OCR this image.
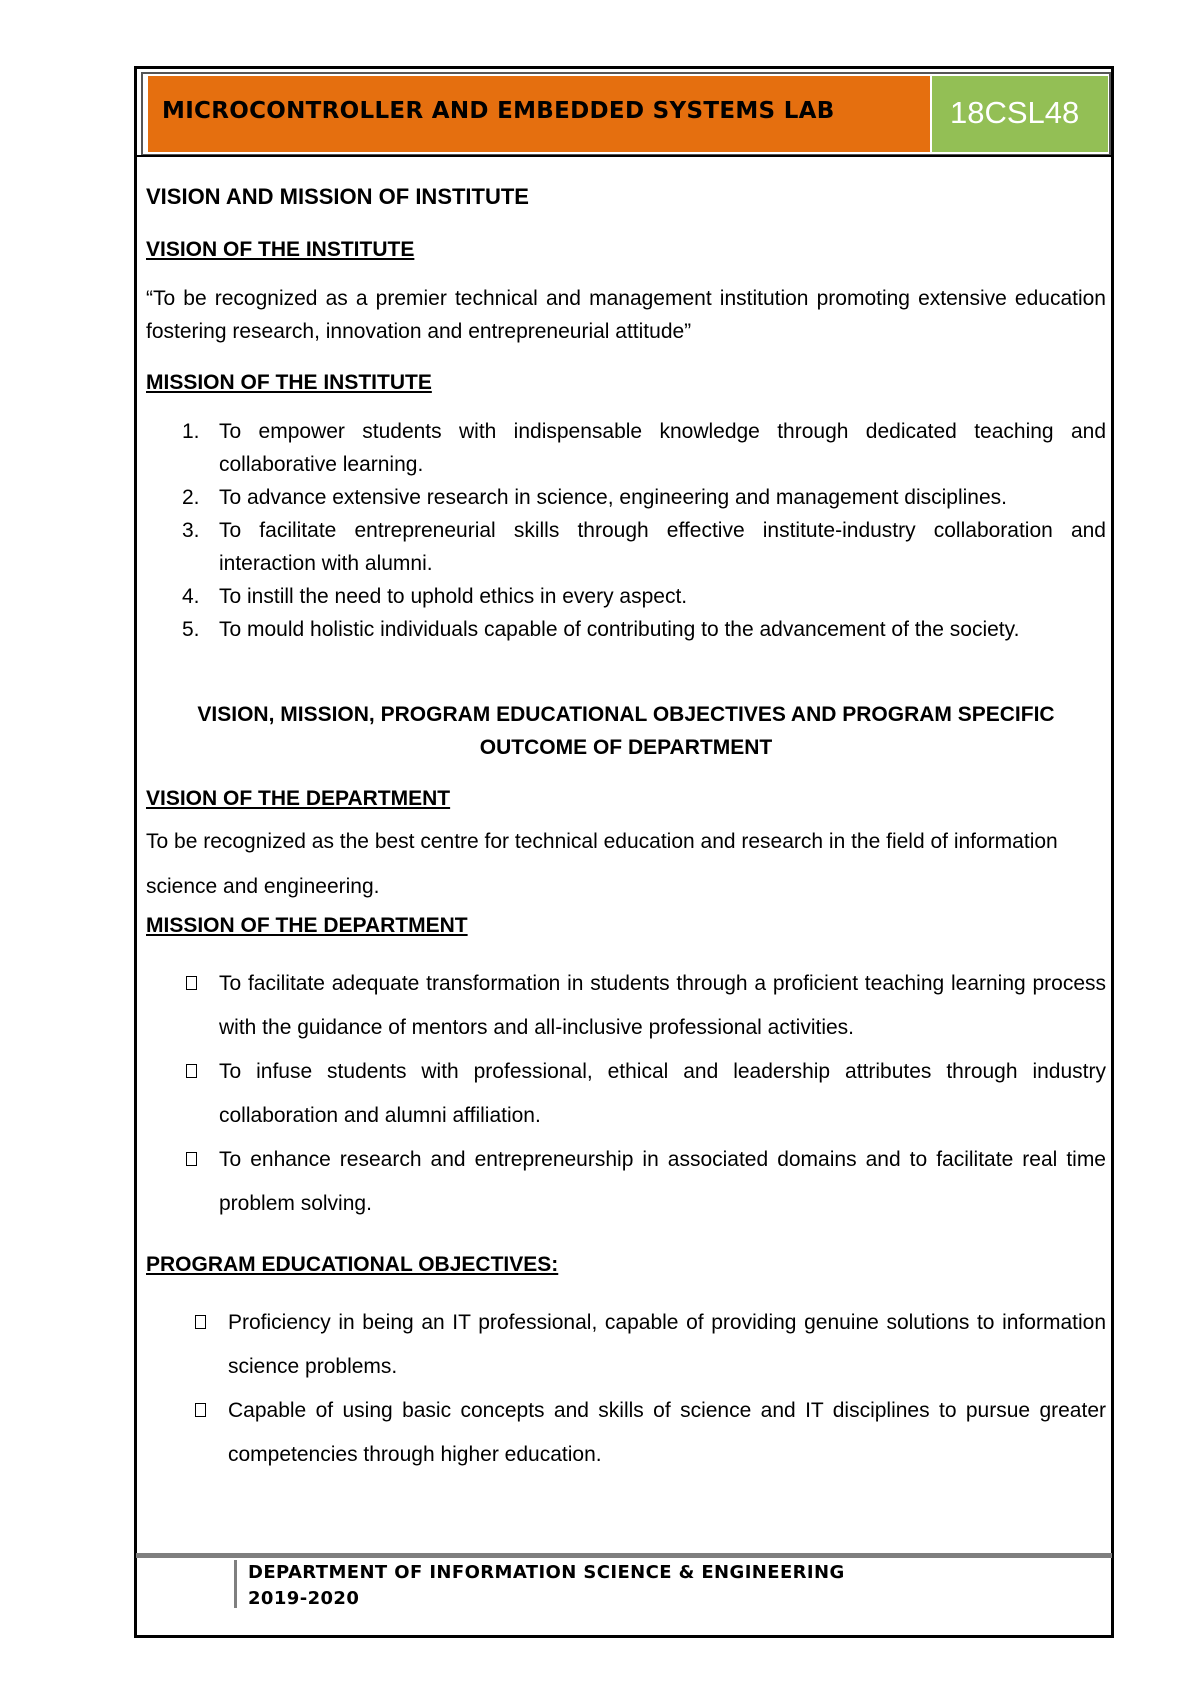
MICROCONTROLLER AND EMBEDDED SYSTEMS LAB	18CSL48
VISION AND MISSION OF INSTITUTE
VISION OF THE INSTITUTE
“To be recognized as a premier technical and management institution promoting extensive education fostering research, innovation and entrepreneurial attitude”
MISSION OF THE INSTITUTE
1. To empower students with indispensable knowledge through dedicated teaching and collaborative learning.
2. To advance extensive research in science, engineering and management disciplines.
3. To facilitate entrepreneurial skills through effective institute-industry collaboration and interaction with alumni.
4. To instill the need to uphold ethics in every aspect.
5. To mould holistic individuals capable of contributing to the advancement of the society.
VISION, MISSION, PROGRAM EDUCATIONAL OBJECTIVES AND PROGRAM SPECIFIC OUTCOME OF DEPARTMENT
VISION OF THE DEPARTMENT
To be recognized as the best centre for technical education and research in the field of information science and engineering.
MISSION OF THE DEPARTMENT
To facilitate adequate transformation in students through a proficient teaching learning process with the guidance of mentors and all-inclusive professional activities.
To infuse students with professional, ethical and leadership attributes through industry collaboration and alumni affiliation.
To enhance research and entrepreneurship in associated domains and to facilitate real time problem solving.
PROGRAM EDUCATIONAL OBJECTIVES:
Proficiency in being an IT professional, capable of providing genuine solutions to information science problems.
Capable of using basic concepts and skills of science and IT disciplines to pursue greater competencies through higher education.
DEPARTMENT OF INFORMATION SCIENCE & ENGINEERING
2019-2020
